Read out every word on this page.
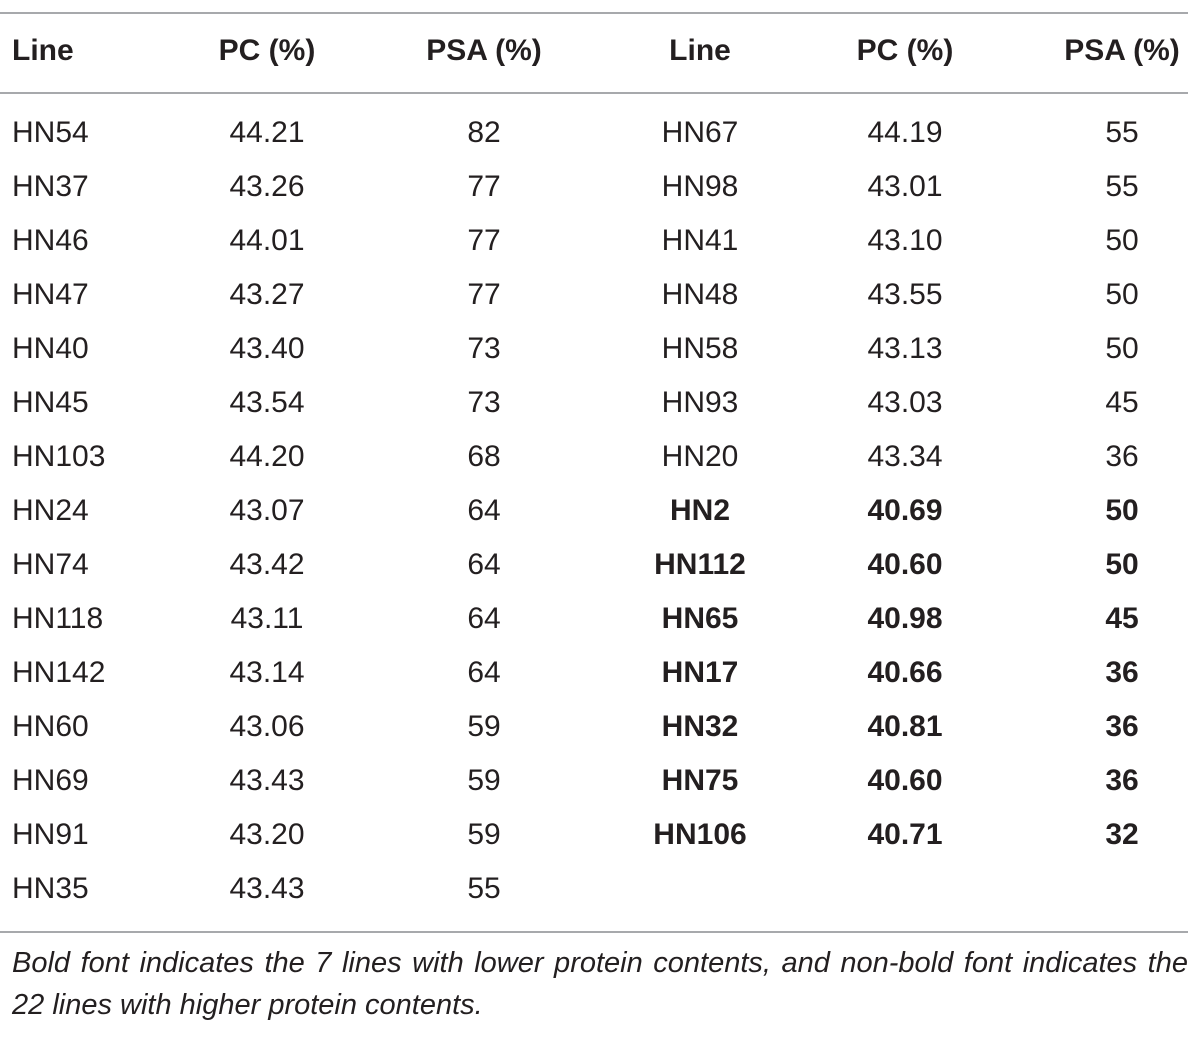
Line	PC (%)	PSA (%)	Line	PC (%)	PSA (%)
HN54	44.21	82	HN67	44.19	55
HN37	43.26	77	HN98	43.01	55
HN46	44.01	77	HN41	43.10	50
HN47	43.27	77	HN48	43.55	50
HN40	43.40	73	HN58	43.13	50
HN45	43.54	73	HN93	43.03	45
HN103	44.20	68	HN20	43.34	36
HN24	43.07	64	HN2	40.69	50
HN74	43.42	64	HN112	40.60	50
HN118	43.11	64	HN65	40.98	45
HN142	43.14	64	HN17	40.66	36
HN60	43.06	59	HN32	40.81	36
HN69	43.43	59	HN75	40.60	36
HN91	43.20	59	HN106	40.71	32
HN35	43.43	55
Bold font indicates the 7 lines with lower protein contents, and non-bold font indicates the 22 lines with higher protein contents.
